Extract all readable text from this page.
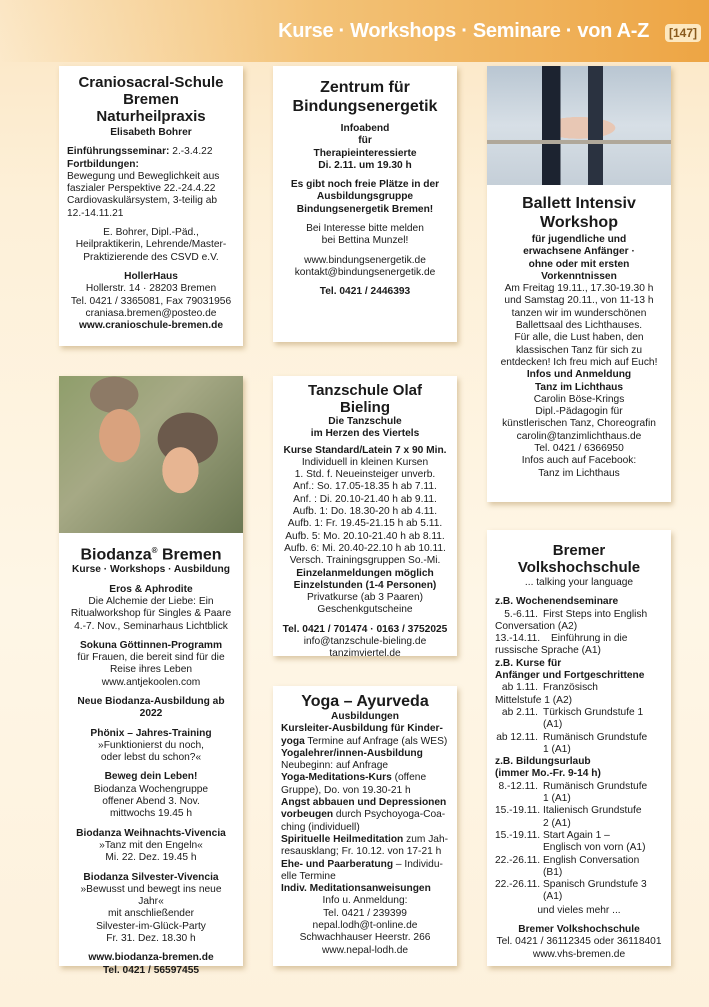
Kurse · Workshops · Seminare · von A-Z	[147]
Craniosacral-Schule Bremen
Naturheilpraxis
Elisabeth Bohrer
Einführungsseminar: 2.-3.4.22
Fortbildungen:
Bewegung und Beweglichkeit aus
faszialer Perspektive 22.-24.4.22
Cardiovaskulärsystem, 3-teilig ab
12.-14.11.21
E. Bohrer, Dipl.-Päd.,
Heilpraktikerin, Lehrende/Master-
Praktizierende des CSVD e.V.
HollerHaus
Hollerstr. 14 · 28203 Bremen
Tel. 0421 / 3365081, Fax 79031956
craniasa.bremen@posteo.de
www.cranioschule-bremen.de
Zentrum für
Bindungsenergetik
Infoabend
für
Therapieinteressierte
Di. 2.11. um 19.30 h
Es gibt noch freie Plätze in der
Ausbildungsgruppe
Bindungsenergetik Bremen!
Bei Interesse bitte melden
bei Bettina Munzel!
www.bindungsenergetik.de
kontakt@bindungsenergetik.de
Tel. 0421 / 2446393
Ballett Intensiv
Workshop
für jugendliche und
erwachsene Anfänger ·
ohne oder mit ersten
Vorkenntnissen
Am Freitag 19.11., 17.30-19.30 h
und Samstag 20.11., von 11-13 h
tanzen wir im wunderschönen
Ballettsaal des Lichthauses.
Für alle, die Lust haben, den
klassischen Tanz für sich zu
entdecken! Ich freu mich auf Euch!
Infos und Anmeldung
Tanz im Lichthaus
Carolin Böse-Krings
Dipl.-Pädagogin für
künstlerischen Tanz, Choreografin
carolin@tanzimlichthaus.de
Tel. 0421 / 6366950
Infos auch auf Facebook:
Tanz im Lichthaus
Tanzschule Olaf Bieling
Die Tanzschule
im Herzen des Viertels
Kurse Standard/Latein 7 x 90 Min.
Individuell in kleinen Kursen
1. Std. f. Neueinsteiger unverb.
Anf.: So. 17.05-18.35 h ab 7.11.
Anf. : Di. 20.10-21.40 h ab 9.11.
Aufb. 1: Do. 18.30-20 h ab 4.11.
Aufb. 1: Fr. 19.45-21.15 h ab 5.11.
Aufb. 5: Mo. 20.10-21.40 h ab 8.11.
Aufb. 6: Mi. 20.40-22.10 h ab 10.11.
Versch. Trainingsgruppen So.-Mi.
Einzelanmeldungen möglich
Einzelstunden (1-4 Personen)
Privatkurse (ab 3 Paaren)
Geschenkgutscheine
Tel. 0421 / 701474 · 0163 / 3752025
info@tanzschule-bieling.de
tanzimviertel.de
Biodanza® Bremen
Kurse · Workshops · Ausbildung
Eros & Aphrodite
Die Alchemie der Liebe: Ein
Ritualworkshop für Singles & Paare
4.-7. Nov., Seminarhaus Lichtblick
Sokuna Göttinnen-Programm
für Frauen, die bereit sind für die
Reise ihres Leben
www.antjekoolen.com
Neue Biodanza-Ausbildung ab
2022
Phönix – Jahres-Training
»Funktionierst du noch,
oder lebst du schon?«
Beweg dein Leben!
Biodanza Wochengruppe
offener Abend 3. Nov.
mittwochs 19.45 h
Biodanza Weihnachts-Vivencia
»Tanz mit den Engeln«
Mi. 22. Dez. 19.45 h
Biodanza Silvester-Vivencia
»Bewusst und bewegt ins neue Jahr«
mit anschließender
Silvester-im-Glück-Party
Fr. 31. Dez. 18.30 h
www.biodanza-bremen.de
Tel. 0421 / 56597455
Yoga – Ayurveda
Ausbildungen
Kursleiter-Ausbildung für Kinder-
yoga Termine auf Anfrage (als WES)
Yogalehrer/innen-Ausbildung
Neubeginn: auf Anfrage
Yoga-Meditations-Kurs (offene
Gruppe), Do. von 19.30-21 h
Angst abbauen und Depressionen
vorbeugen durch Psychoyoga-Coa-
ching (individuell)
Spirituelle Heilmeditation zum Jah-
resausklang; Fr. 10.12. von 17-21 h
Ehe- und Paarberatung – Individu-
elle Termine
Indiv. Meditationsanweisungen
Info u. Anmeldung:
Tel. 0421 / 239399
nepal.lodh@t-online.de
Schwachhauser Heerstr. 266
www.nepal-lodh.de
Bremer Volkshochschule
... talking your language
z.B. Wochenendseminare
5.-6.11. First Steps into English
Conversation (A2)
13.-14.11.	Einführung in die
russische Sprache (A1)
z.B. Kurse für
Anfänger und Fortgeschrittene
ab 1.11. Französisch
Mittelstufe 1 (A2)
ab 2.11. Türkisch Grundstufe 1
(A1)
ab 12.11. Rumänisch Grundstufe
1 (A1)
z.B. Bildungsurlaub
(immer Mo.-Fr. 9-14 h)
8.-12.11. Rumänisch Grundstufe
1 (A1)
15.-19.11. Italienisch Grundstufe
2 (A1)
15.-19.11. Start Again 1 –
Englisch von vorn (A1)
22.-26.11. English Conversation
(B1)
22.-26.11. Spanisch Grundstufe 3
(A1)
und vieles mehr ...
Bremer Volkshochschule
Tel. 0421 / 36112345 oder 36118401
www.vhs-bremen.de
